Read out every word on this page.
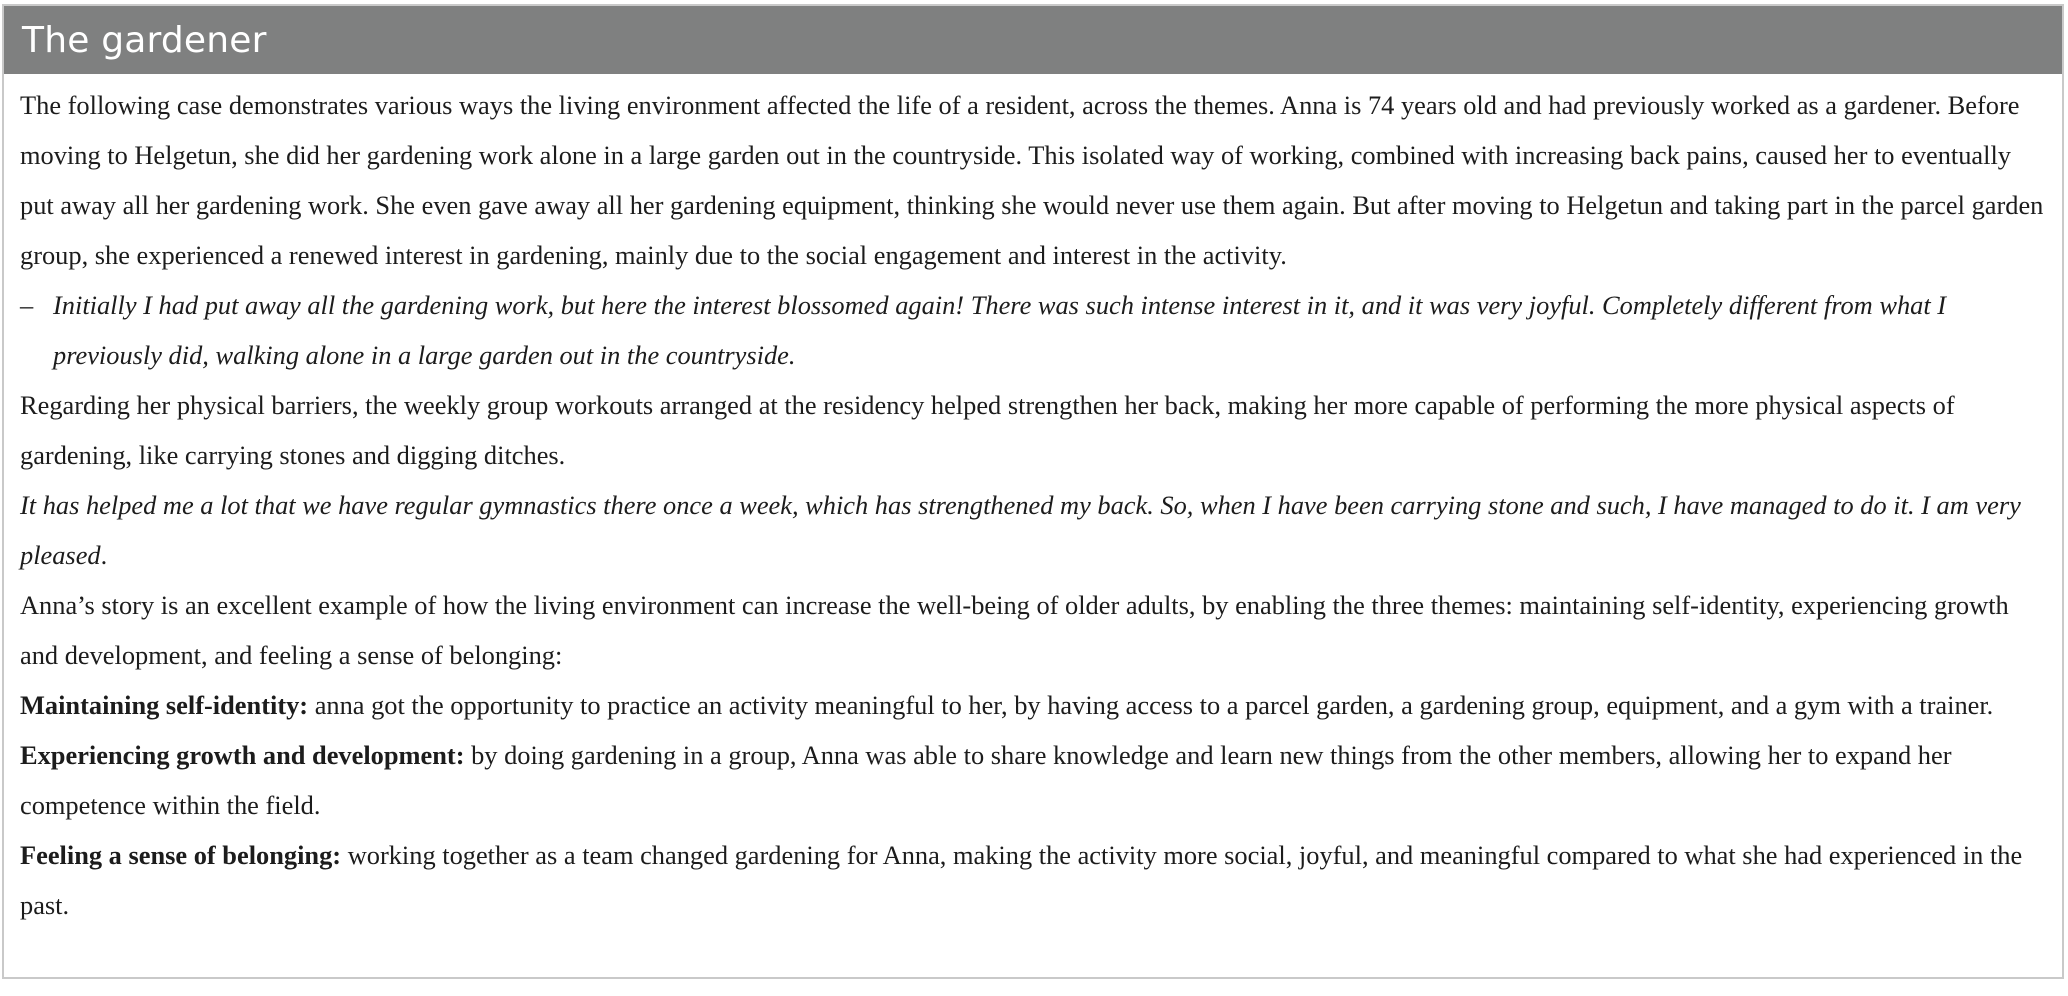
The gardener

The following case demonstrates various ways the living environment affected the life of a resident, across the themes. Anna is 74 years old and had previously worked as a gardener. Before moving to Helgetun, she did her gardening work alone in a large garden out in the countryside. This isolated way of working, combined with increasing back pains, caused her to eventually put away all her gardening work. She even gave away all her gardening equipment, thinking she would never use them again. But after moving to Helgetun and taking part in the parcel garden group, she experienced a renewed interest in gardening, mainly due to the social engagement and interest in the activity.

– Initially I had put away all the gardening work, but here the interest blossomed again! There was such intense interest in it, and it was very joyful. Completely different from what I previously did, walking alone in a large garden out in the countryside.

Regarding her physical barriers, the weekly group workouts arranged at the residency helped strengthen her back, making her more capable of performing the more physical aspects of gardening, like carrying stones and digging ditches.

It has helped me a lot that we have regular gymnastics there once a week, which has strengthened my back. So, when I have been carrying stone and such, I have managed to do it. I am very pleased.

Anna’s story is an excellent example of how the living environment can increase the well-being of older adults, by enabling the three themes: maintaining self-identity, experiencing growth and development, and feeling a sense of belonging:

Maintaining self-identity: anna got the opportunity to practice an activity meaningful to her, by having access to a parcel garden, a gardening group, equipment, and a gym with a trainer.

Experiencing growth and development: by doing gardening in a group, Anna was able to share knowledge and learn new things from the other members, allowing her to expand her competence within the field.

Feeling a sense of belonging: working together as a team changed gardening for Anna, making the activity more social, joyful, and meaningful compared to what she had experienced in the past.
